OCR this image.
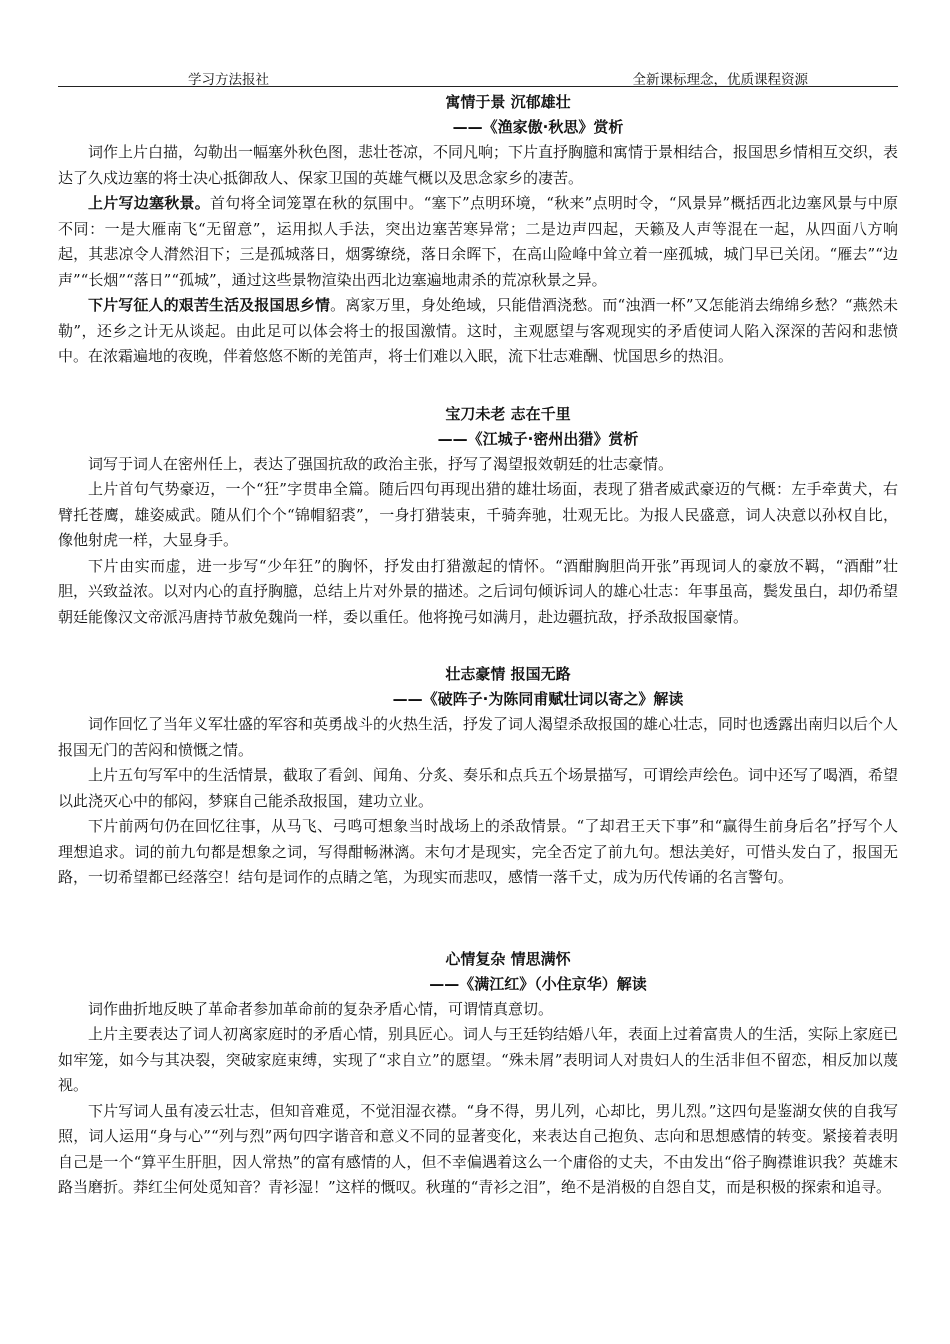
学习方法报社	全新课标理念，优质课程资源
寓情于景 沉郁雄壮
——《渔家傲·秋思》赏析

词作上片白描，勾勒出一幅塞外秋色图，悲壮苍凉，不同凡响；下片直抒胸臆和寓情于景相结合，报国思乡情相互交织，表达了久戍边塞的将士决心抵御敌人、保家卫国的英雄气概以及思念家乡的凄苦。

上片写边塞秋景。首句将全词笼罩在秋的氛围中。“塞下”点明环境，“秋来”点明时令，“风景异”概括西北边塞风景与中原不同：一是大雁南飞“无留意”，运用拟人手法，突出边塞苦寒异常；二是边声四起，天籁及人声等混在一起，从四面八方响起，其悲凉令人潸然泪下；三是孤城落日，烟雾缭绕，落日余晖下，在高山险峰中耸立着一座孤城，城门早已关闭。“雁去”“边声”“长烟”“落日”“孤城”，通过这些景物渲染出西北边塞遍地肃杀的荒凉秋景之异。

下片写征人的艰苦生活及报国思乡情。离家万里，身处绝域，只能借酒浇愁。而“浊酒一杯”又怎能消去绵绵乡愁？“燕然未勒”，还乡之计无从谈起。由此足可以体会将士的报国激情。这时，主观愿望与客观现实的矛盾使词人陷入深深的苦闷和悲愤中。在浓霜遍地的夜晚，伴着悠悠不断的羌笛声，将士们难以入眠，流下壮志难酬、忧国思乡的热泪。

宝刀未老 志在千里
——《江城子·密州出猎》赏析

词写于词人在密州任上，表达了强国抗敌的政治主张，抒写了渴望报效朝廷的壮志豪情。

上片首句气势豪迈，一个“狂”字贯串全篇。随后四句再现出猎的雄壮场面，表现了猎者威武豪迈的气概：左手牵黄犬，右臂托苍鹰，雄姿威武。随从们个个“锦帽貂裘”，一身打猎装束，千骑奔驰，壮观无比。为报人民盛意，词人决意以孙权自比，像他射虎一样，大显身手。

下片由实而虚，进一步写“少年狂”的胸怀，抒发由打猎激起的情怀。“酒酣胸胆尚开张”再现词人的豪放不羁，“酒酣”壮胆，兴致益浓。以对内心的直抒胸臆，总结上片对外景的描述。之后词句倾诉词人的雄心壮志：年事虽高，鬓发虽白，却仍希望朝廷能像汉文帝派冯唐持节赦免魏尚一样，委以重任。他将挽弓如满月，赴边疆抗敌，抒杀敌报国豪情。

壮志豪情 报国无路
——《破阵子·为陈同甫赋壮词以寄之》解读

词作回忆了当年义军壮盛的军容和英勇战斗的火热生活，抒发了词人渴望杀敌报国的雄心壮志，同时也透露出南归以后个人报国无门的苦闷和愤慨之情。

上片五句写军中的生活情景，截取了看剑、闻角、分炙、奏乐和点兵五个场景描写，可谓绘声绘色。词中还写了喝酒，希望以此浇灭心中的郁闷，梦寐自己能杀敌报国，建功立业。

下片前两句仍在回忆往事，从马飞、弓鸣可想象当时战场上的杀敌情景。“了却君王天下事”和“赢得生前身后名”抒写个人理想追求。词的前九句都是想象之词，写得酣畅淋漓。末句才是现实，完全否定了前九句。想法美好，可惜头发白了，报国无路，一切希望都已经落空！结句是词作的点睛之笔，为现实而悲叹，感情一落千丈，成为历代传诵的名言警句。

心情复杂 情思满怀
——《满江红》（小住京华）解读

词作曲折地反映了革命者参加革命前的复杂矛盾心情，可谓情真意切。

上片主要表达了词人初离家庭时的矛盾心情，别具匠心。词人与王廷钧结婚八年，表面上过着富贵人的生活，实际上家庭已如牢笼，如今与其决裂，突破家庭束缚，实现了“求自立”的愿望。“殊未屑”表明词人对贵妇人的生活非但不留恋，相反加以蔑视。

下片写词人虽有凌云壮志，但知音难觅，不觉泪湿衣襟。“身不得，男儿列，心却比，男儿烈。”这四句是鉴湖女侠的自我写照，词人运用“身与心”“列与烈”两句四字谐音和意义不同的显著变化，来表达自己抱负、志向和思想感情的转变。紧接着表明自己是一个“算平生肝胆，因人常热”的富有感情的人，但不幸偏遇着这么一个庸俗的丈夫，不由发出“俗子胸襟谁识我？英雄末路当磨折。莽红尘何处觅知音？青衫湿！”这样的慨叹。秋瑾的“青衫之泪”，绝不是消极的自怨自艾，而是积极的探索和追寻。
